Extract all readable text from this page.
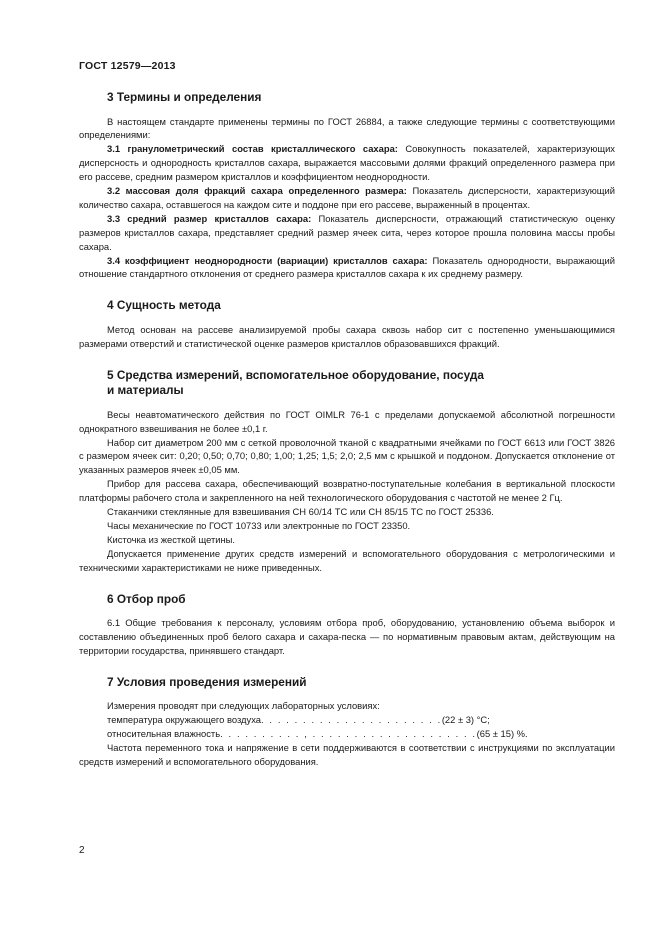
ГОСТ 12579—2013
3 Термины и определения

В настоящем стандарте применены термины по ГОСТ 26884, а также следующие термины с соответствующими определениями:

3.1 гранулометрический состав кристаллического сахара: Совокупность показателей, характеризующих дисперсность и однородность кристаллов сахара, выражается массовыми долями фракций определенного размера при его рассеве, средним размером кристаллов и коэффициентом неоднородности.

3.2 массовая доля фракций сахара определенного размера: Показатель дисперсности, характеризующий количество сахара, оставшегося на каждом сите и поддоне при его рассеве, выраженный в процентах.

3.3 средний размер кристаллов сахара: Показатель дисперсности, отражающий статистическую оценку размеров кристаллов сахара, представляет средний размер ячеек сита, через которое прошла половина массы пробы сахара.

3.4 коэффициент неоднородности (вариации) кристаллов сахара: Показатель однородности, выражающий отношение стандартного отклонения от среднего размера кристаллов сахара к их среднему размеру.

4 Сущность метода

Метод основан на рассеве анализируемой пробы сахара сквозь набор сит с постепенно уменьшающимися размерами отверстий и статистической оценке размеров кристаллов образовавшихся фракций.

5 Средства измерений, вспомогательное оборудование, посуда
и материалы

Весы неавтоматического действия по ГОСТ OIMLR 76-1 с пределами допускаемой абсолютной погрешности однократного взвешивания не более ±0,1 г.

Набор сит диаметром 200 мм с сеткой проволочной тканой с квадратными ячейками по ГОСТ 6613 или ГОСТ 3826 с размером ячеек сит: 0,20; 0,50; 0,70; 0,80; 1,00; 1,25; 1,5; 2,0; 2,5 мм с крышкой и поддоном. Допускается отклонение от указанных размеров ячеек ±0,05 мм.

Прибор для рассева сахара, обеспечивающий возвратно-поступательные колебания в вертикальной плоскости платформы рабочего стола и закрепленного на ней технологического оборудования с частотой не менее 2 Гц.

Стаканчики стеклянные для взвешивания СН 60/14 ТС или СН 85/15 ТС по ГОСТ 25336.

Часы механические по ГОСТ 10733 или электронные по ГОСТ 23350.

Кисточка из жесткой щетины.

Допускается применение других средств измерений и вспомогательного оборудования с метрологическими и техническими характеристиками не ниже приведенных.

6 Отбор проб

6.1 Общие требования к персоналу, условиям отбора проб, оборудованию, установлению объема выборок и составлению объединенных проб белого сахара и сахара-песка — по нормативным правовым актам, действующим на территории государства, принявшего стандарт.

7 Условия проведения измерений

Измерения проводят при следующих лабораторных условиях:

температура окружающего воздуха . . . . . . . . . . . . . . . . . . . . . . (22 ± 3) °С;
относительная влажность . . . . . . . . . . , . . . . . . . . . . . . . . . . . . . . (65 ± 15) %.

Частота переменного тока и напряжение в сети поддерживаются в соответствии с инструкциями по эксплуатации средств измерений и вспомогательного оборудования.

2
